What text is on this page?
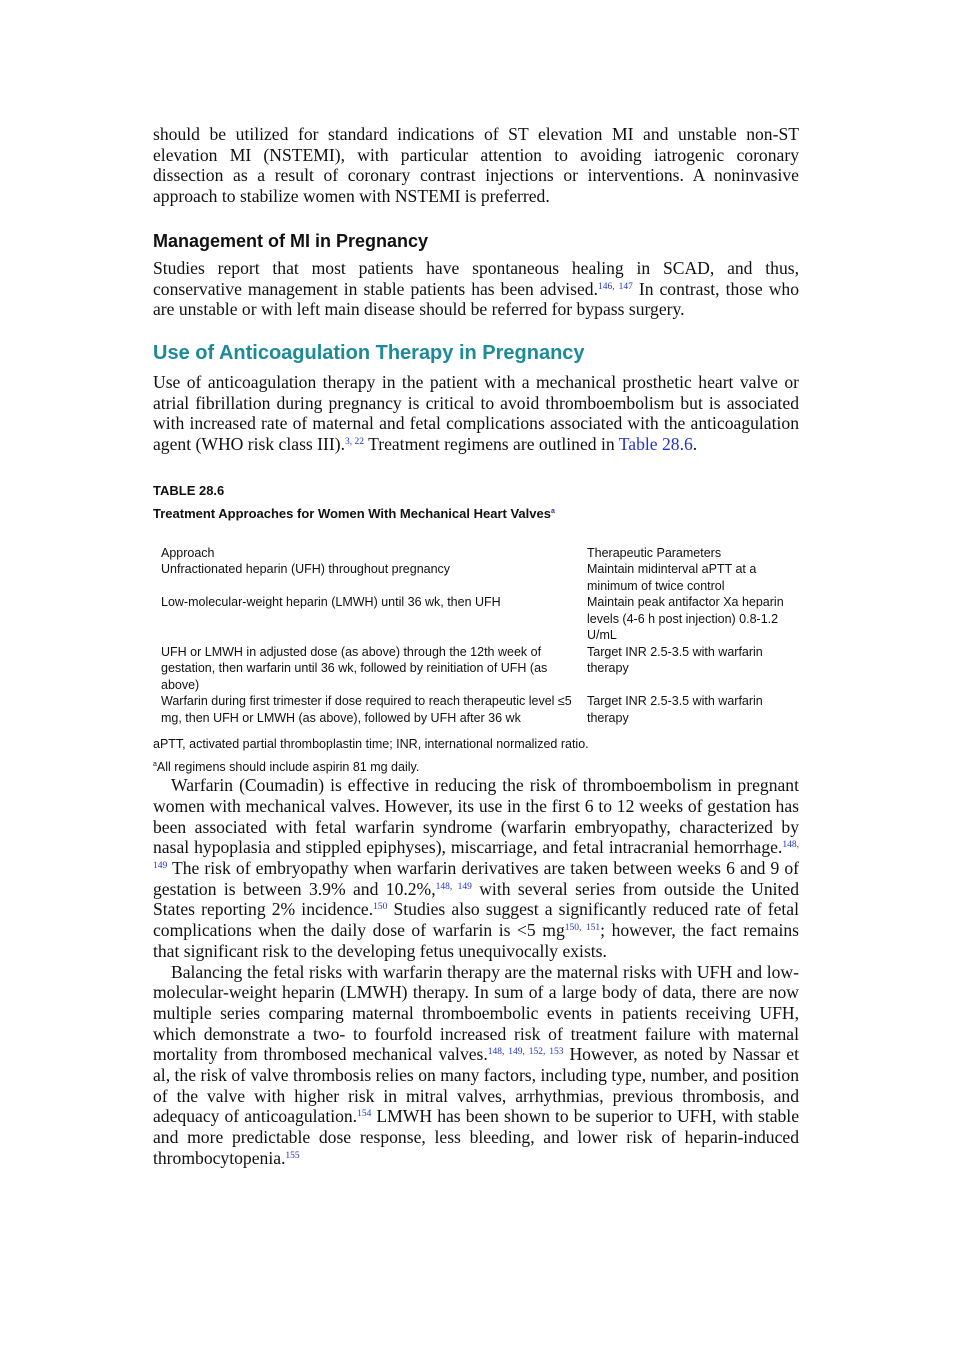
should be utilized for standard indications of ST elevation MI and unstable non-ST elevation MI (NSTEMI), with particular attention to avoiding iatrogenic coronary dissection as a result of coronary contrast injections or interventions. A noninvasive approach to stabilize women with NSTEMI is preferred.

Management of MI in Pregnancy

Studies report that most patients have spontaneous healing in SCAD, and thus, conservative management in stable patients has been advised.$^{146, 147}$ In contrast, those who are unstable or with left main disease should be referred for bypass surgery.

Use of Anticoagulation Therapy in Pregnancy

Use of anticoagulation therapy in the patient with a mechanical prosthetic heart valve or atrial fibrillation during pregnancy is critical to avoid thromboembolism but is associated with increased rate of maternal and fetal complications associated with the anticoagulation agent (WHO risk class III).$^{3, 22}$ Treatment regimens are outlined in Table 28.6.

TABLE 28.6
Treatment Approaches for Women With Mechanical Heart Valves$^a$
Approach	Therapeutic Parameters
Unfractionated heparin (UFH) throughout pregnancy	Maintain midinterval aPTT at a minimum of twice control
Low-molecular-weight heparin (LMWH) until 36 wk, then UFH	Maintain peak antifactor Xa heparin levels (4-6 h post injection) 0.8-1.2 U/mL
UFH or LMWH in adjusted dose (as above) through the 12th week of gestation, then warfarin until 36 wk, followed by reinitiation of UFH (as above)	Target INR 2.5-3.5 with warfarin therapy
Warfarin during first trimester if dose required to reach therapeutic level ≤5 mg, then UFH or LMWH (as above), followed by UFH after 36 wk	Target INR 2.5-3.5 with warfarin therapy

aPTT, activated partial thromboplastin time; INR, international normalized ratio.

$^a$All regimens should include aspirin 81 mg daily.

Warfarin (Coumadin) is effective in reducing the risk of thromboembolism in pregnant women with mechanical valves. However, its use in the first 6 to 12 weeks of gestation has been associated with fetal warfarin syndrome (warfarin embryopathy, characterized by nasal hypoplasia and stippled epiphyses), miscarriage, and fetal intracranial hemorrhage.$^{148, 149}$ The risk of embryopathy when warfarin derivatives are taken between weeks 6 and 9 of gestation is between 3.9% and 10.2%,$^{148, 149}$ with several series from outside the United States reporting 2% incidence.$^{150}$ Studies also suggest a significantly reduced rate of fetal complications when the daily dose of warfarin is <5 mg$^{150, 151}$; however, the fact remains that significant risk to the developing fetus unequivocally exists.

Balancing the fetal risks with warfarin therapy are the maternal risks with UFH and low-molecular-weight heparin (LMWH) therapy. In sum of a large body of data, there are now multiple series comparing maternal thromboembolic events in patients receiving UFH, which demonstrate a two- to fourfold increased risk of treatment failure with maternal mortality from thrombosed mechanical valves.$^{148, 149, 152, 153}$ However, as noted by Nassar et al, the risk of valve thrombosis relies on many factors, including type, number, and position of the valve with higher risk in mitral valves, arrhythmias, previous thrombosis, and adequacy of anticoagulation.$^{154}$ LMWH has been shown to be superior to UFH, with stable and more predictable dose response, less bleeding, and lower risk of heparin-induced thrombocytopenia.$^{155}$
